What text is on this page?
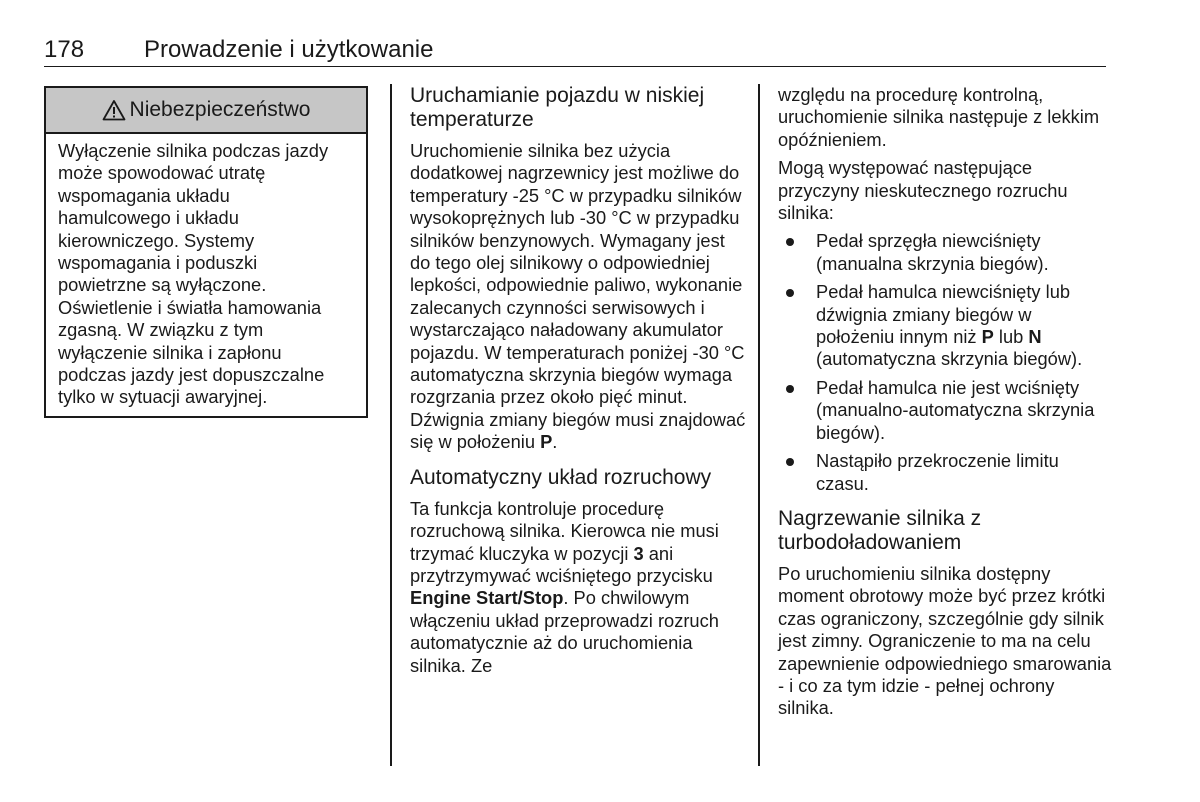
178 Prowadzenie i użytkowanie
Niebezpieczeństwo
Wyłączenie silnika podczas jazdy
może spowodować utratę
wspomagania układu
hamulcowego i układu
kierowniczego. Systemy
wspomagania i poduszki
powietrzne są wyłączone.
Oświetlenie i światła hamowania
zgasną. W związku z tym
wyłączenie silnika i zapłonu
podczas jazdy jest dopuszczalne
tylko w sytuacji awaryjnej.
Uruchamianie pojazdu w niskiej temperaturze

Uruchomienie silnika bez użycia dodatkowej nagrzewnicy jest możliwe do temperatury -25 °C w przypadku silników wysokoprężnych lub -30 °C w przypadku silników benzynowych. Wymagany jest do tego olej silnikowy o odpowiedniej lepkości, odpowiednie paliwo, wykonanie zalecanych czynności serwisowych i wystarczająco naładowany akumulator pojazdu. W temperaturach poniżej -30 °C automatyczna skrzynia biegów wymaga rozgrzania przez około pięć minut. Dźwignia zmiany biegów musi znajdować się w położeniu P.

Automatyczny układ rozruchowy

Ta funkcja kontroluje procedurę rozruchową silnika. Kierowca nie musi trzymać kluczyka w pozycji 3 ani przytrzymywać wciśniętego przycisku Engine Start/Stop. Po chwilowym włączeniu układ przeprowadzi rozruch automatycznie aż do uruchomienia silnika. Ze

względu na procedurę kontrolną, uruchomienie silnika następuje z lekkim opóźnieniem.

Mogą występować następujące przyczyny nieskutecznego rozruchu silnika:

Pedał sprzęgła niewciśnięty (manualna skrzynia biegów).
Pedał hamulca niewciśnięty lub dźwignia zmiany biegów w położeniu innym niż P lub N (automatyczna skrzynia biegów).
Pedał hamulca nie jest wciśnięty (manualno-automatyczna skrzynia biegów).
Nastąpiło przekroczenie limitu czasu.
Nagrzewanie silnika z turbodoładowaniem

Po uruchomieniu silnika dostępny moment obrotowy może być przez krótki czas ograniczony, szczególnie gdy silnik jest zimny. Ograniczenie to ma na celu zapewnienie odpowiedniego smarowania - i co za tym idzie - pełnej ochrony silnika.
